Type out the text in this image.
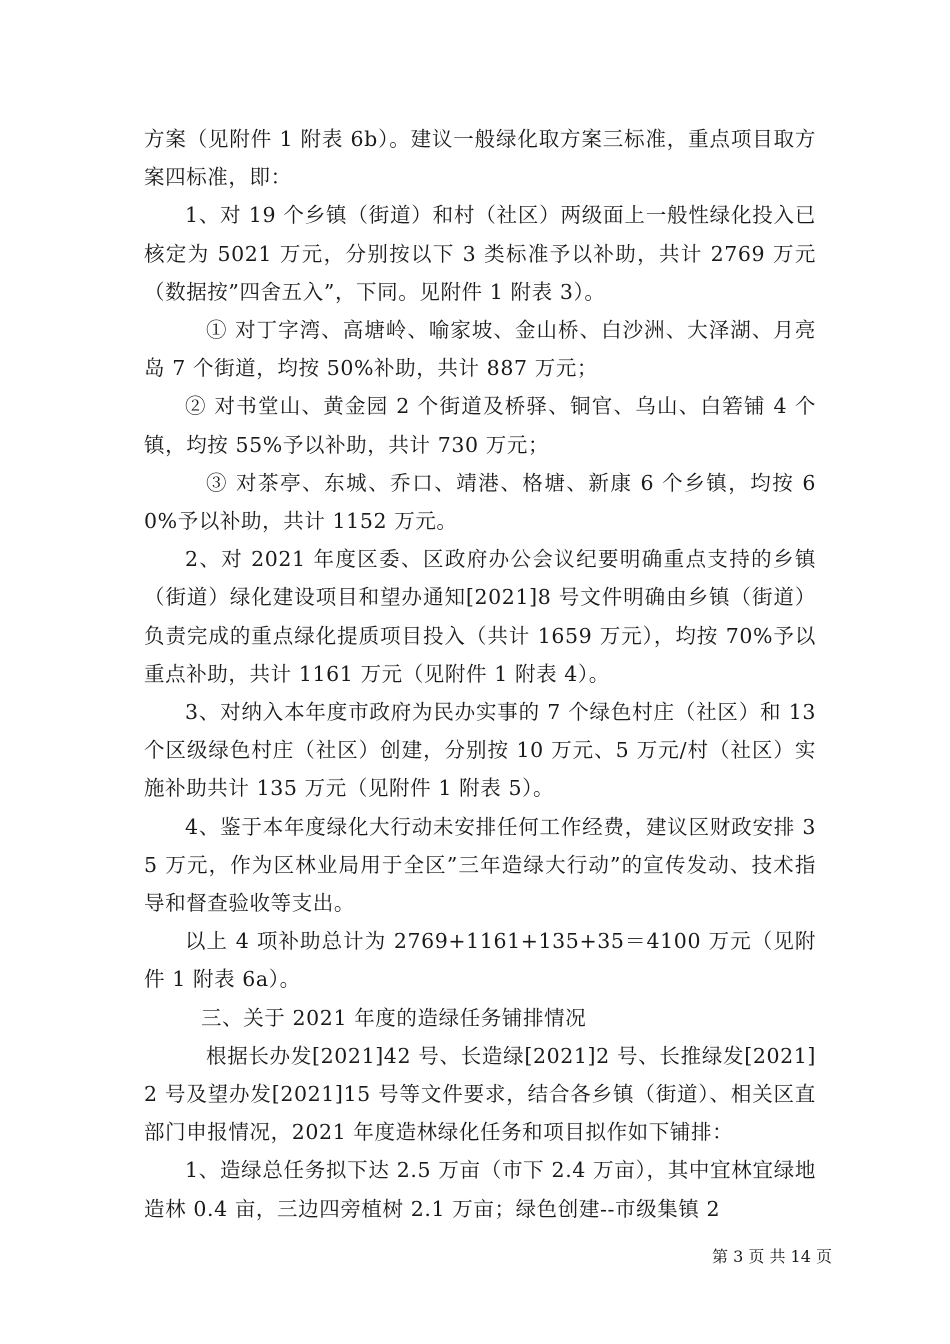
方案（见附件 1 附表 6b）。建议一般绿化取方案三标准，重点项目取方案四标准，即：

1、对 19 个乡镇（街道）和村（社区）两级面上一般性绿化投入已核定为 5021 万元，分别按以下 3 类标准予以补助，共计 2769 万元（数据按”四舍五入”，下同。见附件 1 附表 3）。

① 对丁字湾、高塘岭、喻家坡、金山桥、白沙洲、大泽湖、月亮岛 7 个街道，均按 50%补助，共计 887 万元；

② 对书堂山、黄金园 2 个街道及桥驿、铜官、乌山、白箬铺 4 个镇，均按 55%予以补助，共计 730 万元；

③ 对茶亭、东城、乔口、靖港、格塘、新康 6 个乡镇，均按 60%予以补助，共计 1152 万元。

2、对 2021 年度区委、区政府办公会议纪要明确重点支持的乡镇（街道）绿化建设项目和望办通知[2021]8 号文件明确由乡镇（街道）负责完成的重点绿化提质项目投入（共计 1659 万元），均按 70%予以重点补助，共计 1161 万元（见附件 1 附表 4）。

3、对纳入本年度市政府为民办实事的 7 个绿色村庄（社区）和 13 个区级绿色村庄（社区）创建，分别按 10 万元、5 万元/村（社区）实施补助共计 135 万元（见附件 1 附表 5）。

4、鉴于本年度绿化大行动未安排任何工作经费，建议区财政安排 35 万元，作为区林业局用于全区”三年造绿大行动”的宣传发动、技术指导和督查验收等支出。

以上 4 项补助总计为 2769+1161+135+35＝4100 万元（见附件 1 附表 6a）。

三、关于 2021 年度的造绿任务铺排情况

根据长办发[2021]42 号、长造绿[2021]2 号、长推绿发[2021]2 号及望办发[2021]15 号等文件要求，结合各乡镇（街道）、相关区直部门申报情况，2021 年度造林绿化任务和项目拟作如下铺排：

1、造绿总任务拟下达 2.5 万亩（市下 2.4 万亩），其中宜林宜绿地造林 0.4 亩，三边四旁植树 2.1 万亩；绿色创建--市级集镇 2

第 3 页 共 14 页
